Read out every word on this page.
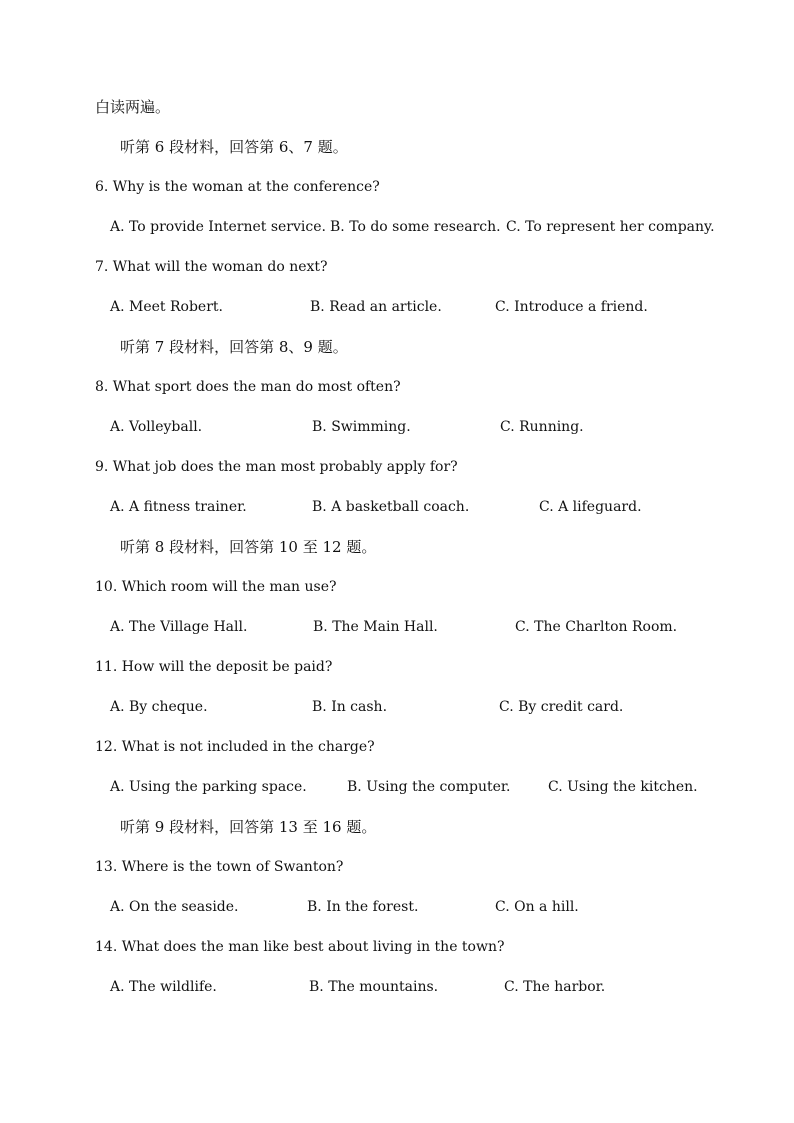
白读两遍。
听第 6 段材料，回答第 6、7 题。
6. Why is the woman at the conference?
A. To provide Internet service. B. To do some research. C. To represent her company.
7. What will the woman do next?
A. Meet Robert.	B. Read an article.	C. Introduce a friend.
听第 7 段材料，回答第 8、9 题。
8. What sport does the man do most often?
A. Volleyball.	B. Swimming.	C. Running.
9. What job does the man most probably apply for?
A. A fitness trainer.	B. A basketball coach.	C. A lifeguard.
听第 8 段材料，回答第 10 至 12 题。
10. Which room will the man use?
A. The Village Hall.	B. The Main Hall.	C. The Charlton Room.
11. How will the deposit be paid?
A. By cheque.	B. In cash.	C. By credit card.
12. What is not included in the charge?
A. Using the parking space.	B. Using the computer.	C. Using the kitchen.
听第 9 段材料，回答第 13 至 16 题。
13. Where is the town of Swanton?
A. On the seaside.	B. In the forest.	C. On a hill.
14. What does the man like best about living in the town?
A. The wildlife.	B. The mountains.	C. The harbor.
